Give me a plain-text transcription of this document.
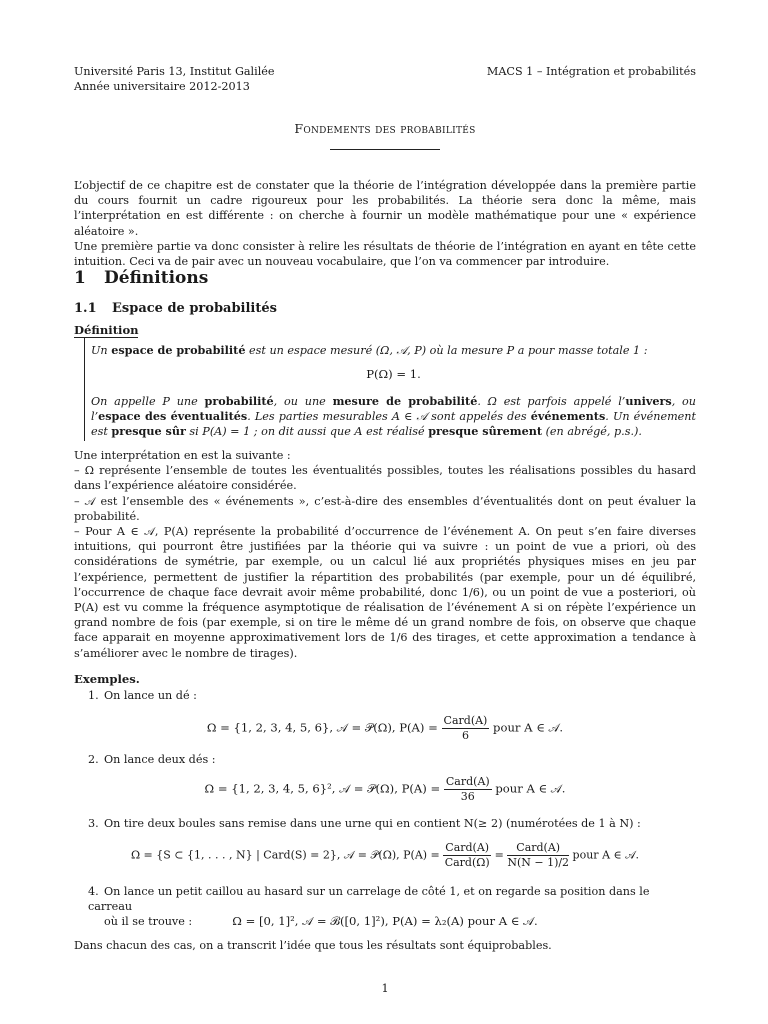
Université Paris 13, Institut Galilée
Année universitaire 2012-2013
MACS 1 – Intégration et probabilités
Fondements des probabilités

L’objectif de ce chapitre est de constater que la théorie de l’intégration développée dans la première partie du cours fournit un cadre rigoureux pour les probabilités. La théorie sera donc la même, mais l’interprétation en est différente : on cherche à fournir un modèle mathématique pour une « expérience aléatoire ».

Une première partie va donc consister à relire les résultats de théorie de l’intégration en ayant en tête cette intuition. Ceci va de pair avec un nouveau vocabulaire, que l’on va commencer par introduire.

1 Définitions
1.1 Espace de probabilités
Définition
Un espace de probabilité est un espace mesuré (Ω, 𝒜, P) où la mesure P a pour masse totale 1 :
P(Ω) = 1.
On appelle P une probabilité, ou une mesure de probabilité. Ω est parfois appelé l’univers, ou l’espace des éventualités. Les parties mesurables A ∈ 𝒜 sont appelés des événements. Un événement est presque sûr si P(A) = 1 ; on dit aussi que A est réalisé presque sûrement (en abrégé, p.s.).
Une interprétation en est la suivante :
– Ω représente l’ensemble de toutes les éventualités possibles, toutes les réalisations possibles du hasard dans l’expérience aléatoire considérée.
– 𝒜 est l’ensemble des « événements », c’est-à-dire des ensembles d’éventualités dont on peut évaluer la probabilité.
– Pour A ∈ 𝒜, P(A) représente la probabilité d’occurrence de l’événement A. On peut s’en faire diverses intuitions, qui pourront être justifiées par la théorie qui va suivre : un point de vue a priori, où des considérations de symétrie, par exemple, ou un calcul lié aux propriétés physiques mises en jeu par l’expérience, permettent de justifier la répartition des probabilités (par exemple, pour un dé équilibré, l’occurrence de chaque face devrait avoir même probabilité, donc 1/6), ou un point de vue a posteriori, où P(A) est vu comme la fréquence asymptotique de réalisation de l’événement A si on répète l’expérience un grand nombre de fois (par exemple, si on tire le même dé un grand nombre de fois, on observe que chaque face apparait en moyenne approximativement lors de 1/6 des tirages, et cette approximation a tendance à s’améliorer avec le nombre de tirages).
Exemples.
1. On lance un dé :
Ω = {1, 2, 3, 4, 5, 6}, 𝒜 = 𝒫(Ω), $P(A) = \frac{\text{Card(A)}}{6}$ pour A ∈ 𝒜.
2. On lance deux dés :
Ω = {1, 2, 3, 4, 5, 6}², 𝒜 = 𝒫(Ω), $P(A) = \frac{\text{Card(A)}}{36}$ pour A ∈ 𝒜.
3. On tire deux boules sans remise dans une urne qui en contient N(≥ 2) (numérotées de 1 à N) :
Ω = {S ⊂ {1, . . . , N} | Card(S) = 2}, 𝒜 = 𝒫(Ω), $P(A) = \frac{\text{Card(A)}}{\text{Card(Ω)}} = \frac{\text{Card(A)}}{N(N - 1)/2}$ pour A ∈ 𝒜.
4. On lance un petit caillou au hasard sur un carrelage de côté 1, et on regarde sa position dans le carreau
où il se trouve :	Ω = [0, 1]², 𝒜 = ℬ([0, 1]²), P(A) = λ₂(A) pour A ∈ 𝒜.
Dans chacun des cas, on a transcrit l’idée que tous les résultats sont équiprobables.
1
